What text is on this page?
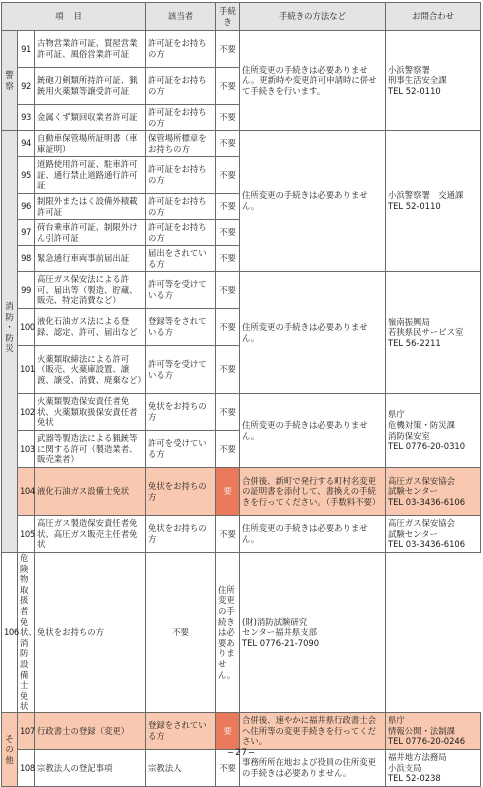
項目			該当者	手続き	手続きの方法など	お問合わせ

警
察	91	古物営業許可証、質屋営業許可証、風俗営業許可証	許可証をお持ちの方	不要	住所変更の手続きは必要ありません。更新時や変更許可申請時に併せて手続きを行います。	小浜警察署
刑事生活安全課
TEL 52-0110
	92	銃砲刀剣類所持許可証、猟銃用火薬類等譲受許可証	許可証をお持ちの方	不要		
	93	金属くず類回収業者許可証	許可証をお持ちの方	不要		

消
防
・
防
災	94	自動車保管場所証明書（車庫証明）	保管場所標章をお持ちの方	不要	住所変更の手続きは必要ありません。	小浜警察署　交通課
TEL 52-0110
	95	道路使用許可証、駐車許可証、通行禁止道路通行許可証	許可証をお持ちの方	不要		
	96	制限外またはく設備外積載許可証	許可証をお持ちの方	不要		
	97	荷台乗車許可証、制限外けん引許可証	許可証をお持ちの方	不要		
	98	緊急通行車両事前届出証	届出をされている方	不要		
	99	高圧ガス保安法による許可、届出等（製造、貯蔵、販売、特定消費など）	許可等を受けている方	不要	住所変更の手続きは必要ありません。	嶺南振興局
若狭県民サービス室
TEL 56-2211
	100	液化石油ガス法による登録、認定、許可、届出など	登録等をされている方	不要		
	101	火薬類取締法による許可（販売、火薬庫設置、譲渡、譲受、消費、廃棄など）	許可等を受けている方	不要		
	102	火薬類製造保安責任者免状、火薬類取扱保安責任者免状	免状をお持ちの方	不要	住所変更の手続きは必要ありません。	県庁
危機対策・防災課
消防保安室
TEL 0776-20-0310
	103	武器等製造法による猟銃等に関する許可（製造業者、販売業者）	許可を受けている方	不要		
	104	液化石油ガス設備士免状	免状をお持ちの方	要	合併後、新町で発行する町村名変更の証明書を添付して、書換えの手続きを行ってください。（手数料不要）	高圧ガス保安協会
試験センター
TEL 03-3436-6106
	105	高圧ガス製造保安責任者免状、高圧ガス販売主任者免状	免状をお持ちの方	不要	住所変更の手続きは必要ありません。	高圧ガス保安協会
試験センター
TEL 03-3436-6106
106	危険物取扱者免状、消防設備士免状	免状をお持ちの方	不要	住所変更の手続きは必要ありません。	(財)消防試験研究
センター福井県支部
TEL 0776-21-7090	

そ
の
他	107	行政書士の登録（変更）	登録をされている方	要	合併後、速やかに福井県行政書士会へ住所等の変更手続きを行ってください。	県庁
情報公開・法制課
TEL 0776-20-0246
	108	宗教法人の登記事項	宗教法人	不要	事務所所在地および役員の住所変更の手続きは必要ありません。	福井地方法務局
小浜支局
TEL 52-0238
−27−
